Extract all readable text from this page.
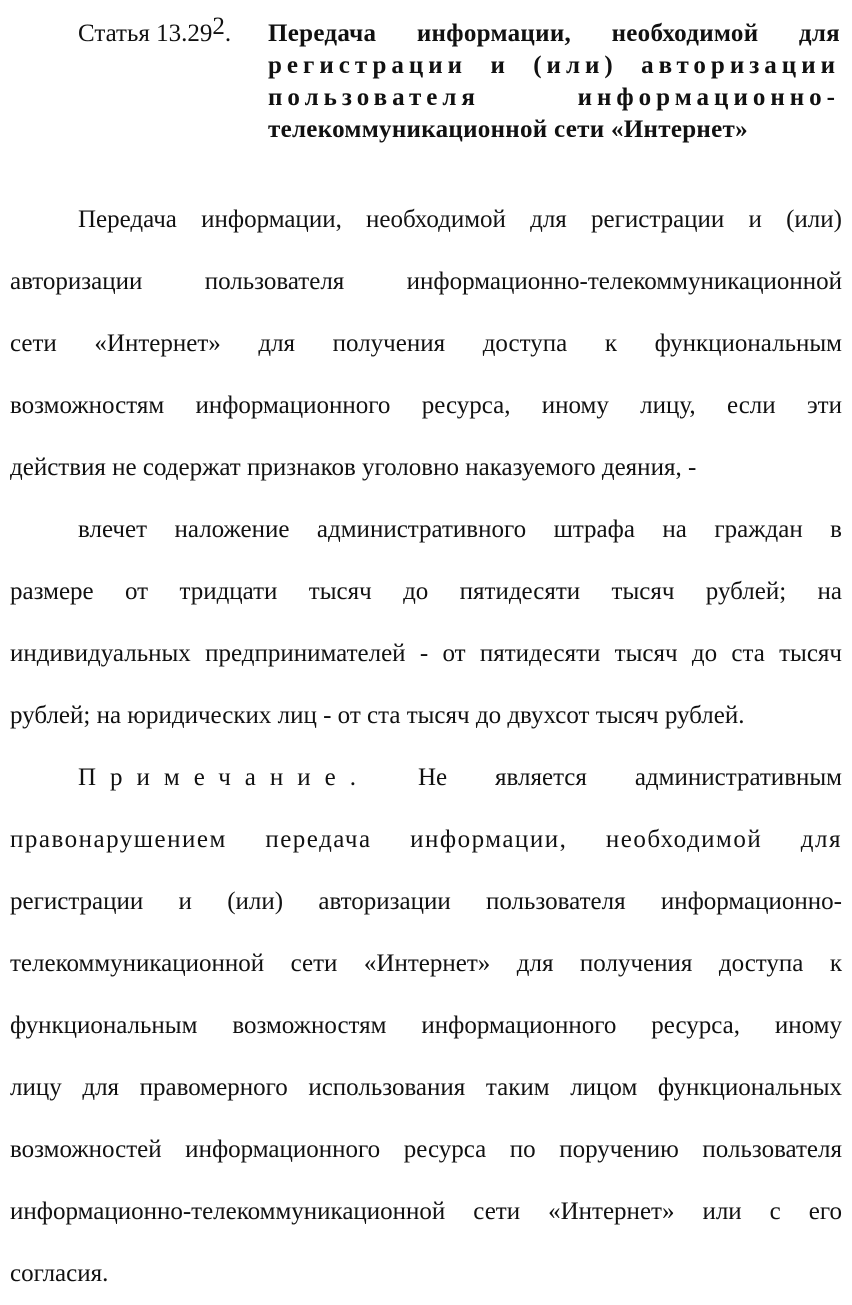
Статья 13.29$^2$. Передача информации, необходимой для
регистрации и (или) авторизации
пользователя информационно-
телекоммуникационной сети «Интернет»
Передача информации, необходимой для регистрации и (или)
авторизации пользователя информационно-телекоммуникационной
сети «Интернет» для получения доступа к функциональным
возможностям информационного ресурса, иному лицу, если эти
действия не содержат признаков уголовно наказуемого деяния, -
влечет наложение административного штрафа на граждан в
размере от тридцати тысяч до пятидесяти тысяч рублей; на
индивидуальных предпринимателей - от пятидесяти тысяч до ста тысяч
рублей; на юридических лиц - от ста тысяч до двухсот тысяч рублей.
Примечание. Не является административным
правонарушением передача информации, необходимой для
регистрации и (или) авторизации пользователя информационно-
телекоммуникационной сети «Интернет» для получения доступа к
функциональным возможностям информационного ресурса, иному
лицу для правомерного использования таким лицом функциональных
возможностей информационного ресурса по поручению пользователя
информационно-телекоммуникационной сети «Интернет» или с его
согласия.
